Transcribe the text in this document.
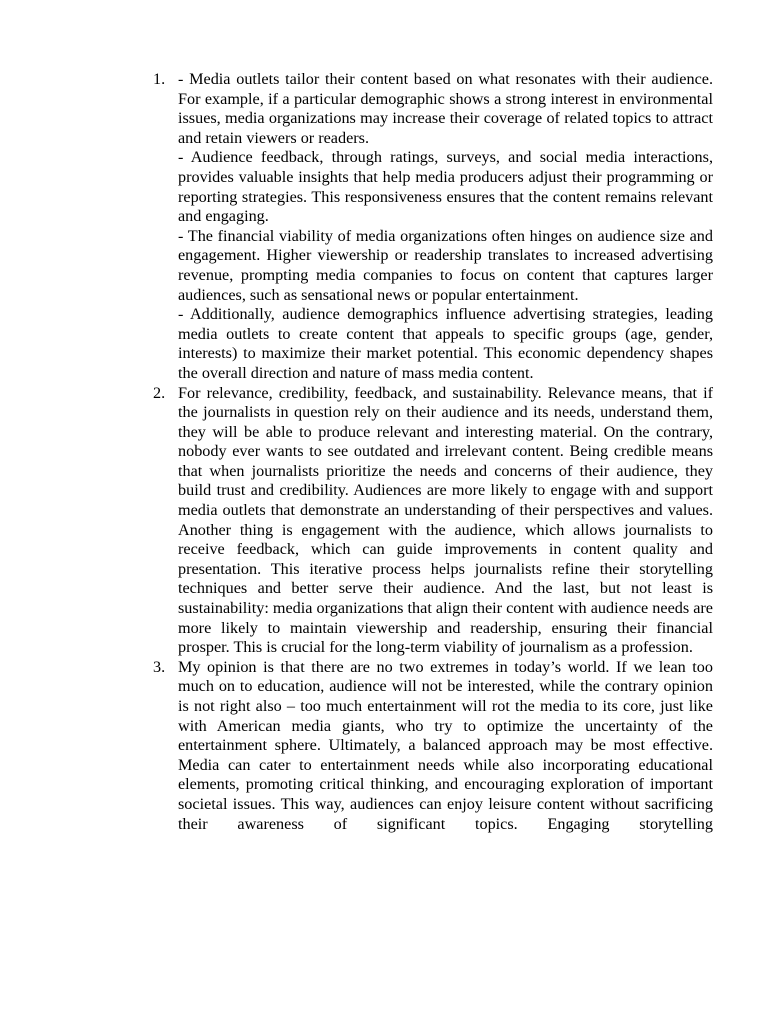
1. - Media outlets tailor their content based on what resonates with their audience. For example, if a particular demographic shows a strong interest in environmental issues, media organizations may increase their coverage of related topics to attract and retain viewers or readers.

- Audience feedback, through ratings, surveys, and social media interactions, provides valuable insights that help media producers adjust their programming or reporting strategies. This responsiveness ensures that the content remains relevant and engaging.

- The financial viability of media organizations often hinges on audience size and engagement. Higher viewership or readership translates to increased advertising revenue, prompting media companies to focus on content that captures larger audiences, such as sensational news or popular entertainment.

- Additionally, audience demographics influence advertising strategies, leading media outlets to create content that appeals to specific groups (age, gender, interests) to maximize their market potential. This economic dependency shapes the overall direction and nature of mass media content.

2. For relevance, credibility, feedback, and sustainability. Relevance means, that if the journalists in question rely on their audience and its needs, understand them, they will be able to produce relevant and interesting material. On the contrary, nobody ever wants to see outdated and irrelevant content. Being credible means that when journalists prioritize the needs and concerns of their audience, they build trust and credibility. Audiences are more likely to engage with and support media outlets that demonstrate an understanding of their perspectives and values. Another thing is engagement with the audience, which allows journalists to receive feedback, which can guide improvements in content quality and presentation. This iterative process helps journalists refine their storytelling techniques and better serve their audience. And the last, but not least is sustainability: media organizations that align their content with audience needs are more likely to maintain viewership and readership, ensuring their financial prosper. This is crucial for the long-term viability of journalism as a profession.

3. My opinion is that there are no two extremes in today’s world. If we lean too much on to education, audience will not be interested, while the contrary opinion is not right also – too much entertainment will rot the media to its core, just like with American media giants, who try to optimize the uncertainty of the entertainment sphere. Ultimately, a balanced approach may be most effective. Media can cater to entertainment needs while also incorporating educational elements, promoting critical thinking, and encouraging exploration of important societal issues. This way, audiences can enjoy leisure content without sacrificing their awareness of significant topics. Engaging storytelling
